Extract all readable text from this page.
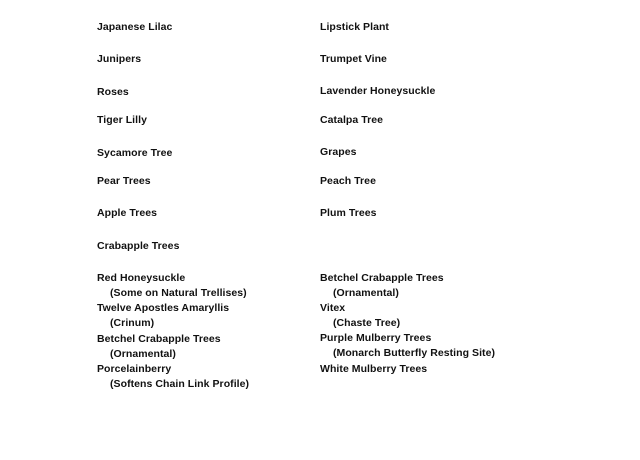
Japanese Lilac
Junipers
Roses
Tiger Lilly
Sycamore Tree
Pear Trees
Apple Trees
Crabapple Trees
Red Honeysuckle
(Some on Natural Trellises)
Twelve Apostles Amaryllis
(Crinum)
Betchel Crabapple Trees
(Ornamental)
Porcelainberry
(Softens Chain Link Profile)
Lipstick Plant
Trumpet Vine
Lavender Honeysuckle
Catalpa Tree
Grapes
Peach Tree
Plum Trees
Betchel Crabapple Trees
(Ornamental)
Vitex
(Chaste Tree)
Purple Mulberry Trees
(Monarch Butterfly Resting Site)
White Mulberry Trees
